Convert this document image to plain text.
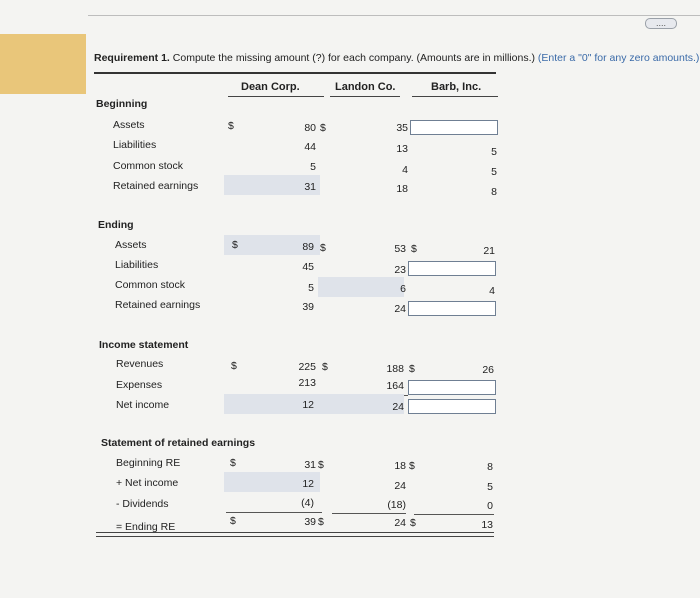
....
Requirement 1. Compute the missing amount (?) for each company. (Amounts are in millions.) (Enter a "0" for any zero amounts.)
Dean Corp.	Landon Co.	Barb, Inc.
Beginning
Assets	$	80 $	35
Liabilities	44	13	5
Common stock	5	4	5
Retained earnings	31	18	8
Ending
Assets	$	89 $	53 $	21
Liabilities	45	23
Common stock	5	6	4
Retained earnings	39	24
Income statement
Revenues	$	225 $	188 $	26
Expenses	213	164
Net income	12	24
Statement of retained earnings
Beginning RE	$	31 $	18 $	8
+ Net income	12	24	5
- Dividends	(4)	(18)	0
= Ending RE	$	39 $	24 $	13
